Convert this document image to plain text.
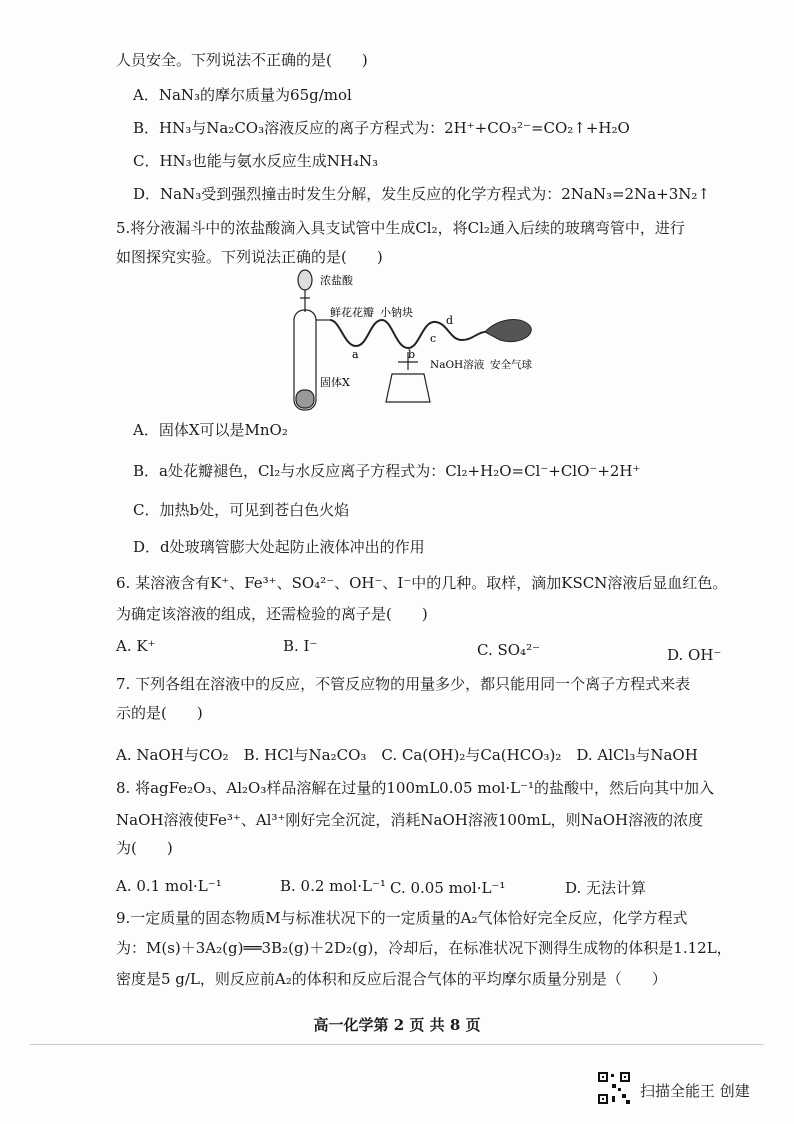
人员安全。下列说法不正确的是(　　)
A．NaN₃的摩尔质量为65g/mol
B．HN₃与Na₂CO₃溶液反应的离子方程式为：2H⁺+CO₃²⁻=CO₂↑+H₂O
C．HN₃也能与氨水反应生成NH₄N₃
D．NaN₃受到强烈撞击时发生分解，发生反应的化学方程式为：2NaN₃=2Na+3N₂↑
5.将分液漏斗中的浓盐酸滴入具支试管中生成Cl₂，将Cl₂通入后续的玻璃弯管中，进行
如图探究实验。下列说法正确的是(　　)
A．固体X可以是MnO₂
B．a处花瓣褪色，Cl₂与水反应离子方程式为：Cl₂+H₂O=Cl⁻+ClO⁻+2H⁺
C．加热b处，可见到苍白色火焰
D．d处玻璃管膨大处起防止液体冲出的作用
6. 某溶液含有K⁺、Fe³⁺、SO₄²⁻、OH⁻、I⁻中的几种。取样，滴加KSCN溶液后显血红色。
为确定该溶液的组成，还需检验的离子是(　　)
A. K⁺	B. I⁻	C. SO₄²⁻	D. OH⁻
7. 下列各组在溶液中的反应，不管反应物的用量多少，都只能用同一个离子方程式来表
示的是(　　)
A. NaOH与CO₂　B. HCl与Na₂CO₃　C. Ca(OH)₂与Ca(HCO₃)₂　D. AlCl₃与NaOH
8. 将agFe₂O₃、Al₂O₃样品溶解在过量的100mL0.05 mol·L⁻¹的盐酸中，然后向其中加入
NaOH溶液使Fe³⁺、Al³⁺刚好完全沉淀，消耗NaOH溶液100mL，则NaOH溶液的浓度
为(　　)
A. 0.1 mol·L⁻¹	B. 0.2 mol·L⁻¹ C. 0.05 mol·L⁻¹	D. 无法计算
9.一定质量的固态物质M与标准状况下的一定质量的A₂气体恰好完全反应，化学方程式
为：M(s)＋3A₂(g)══3B₂(g)＋2D₂(g)，冷却后，在标准状况下测得生成物的体积是1.12L，
密度是5 g/L，则反应前A₂的体积和反应后混合气体的平均摩尔质量分别是（　　）
浓盐酸
鲜花花瓣 小钠块
a	b
c
d
NaOH溶液 安全气球
固体X
高一化学第 2 页 共 8 页
扫描全能王 创建
